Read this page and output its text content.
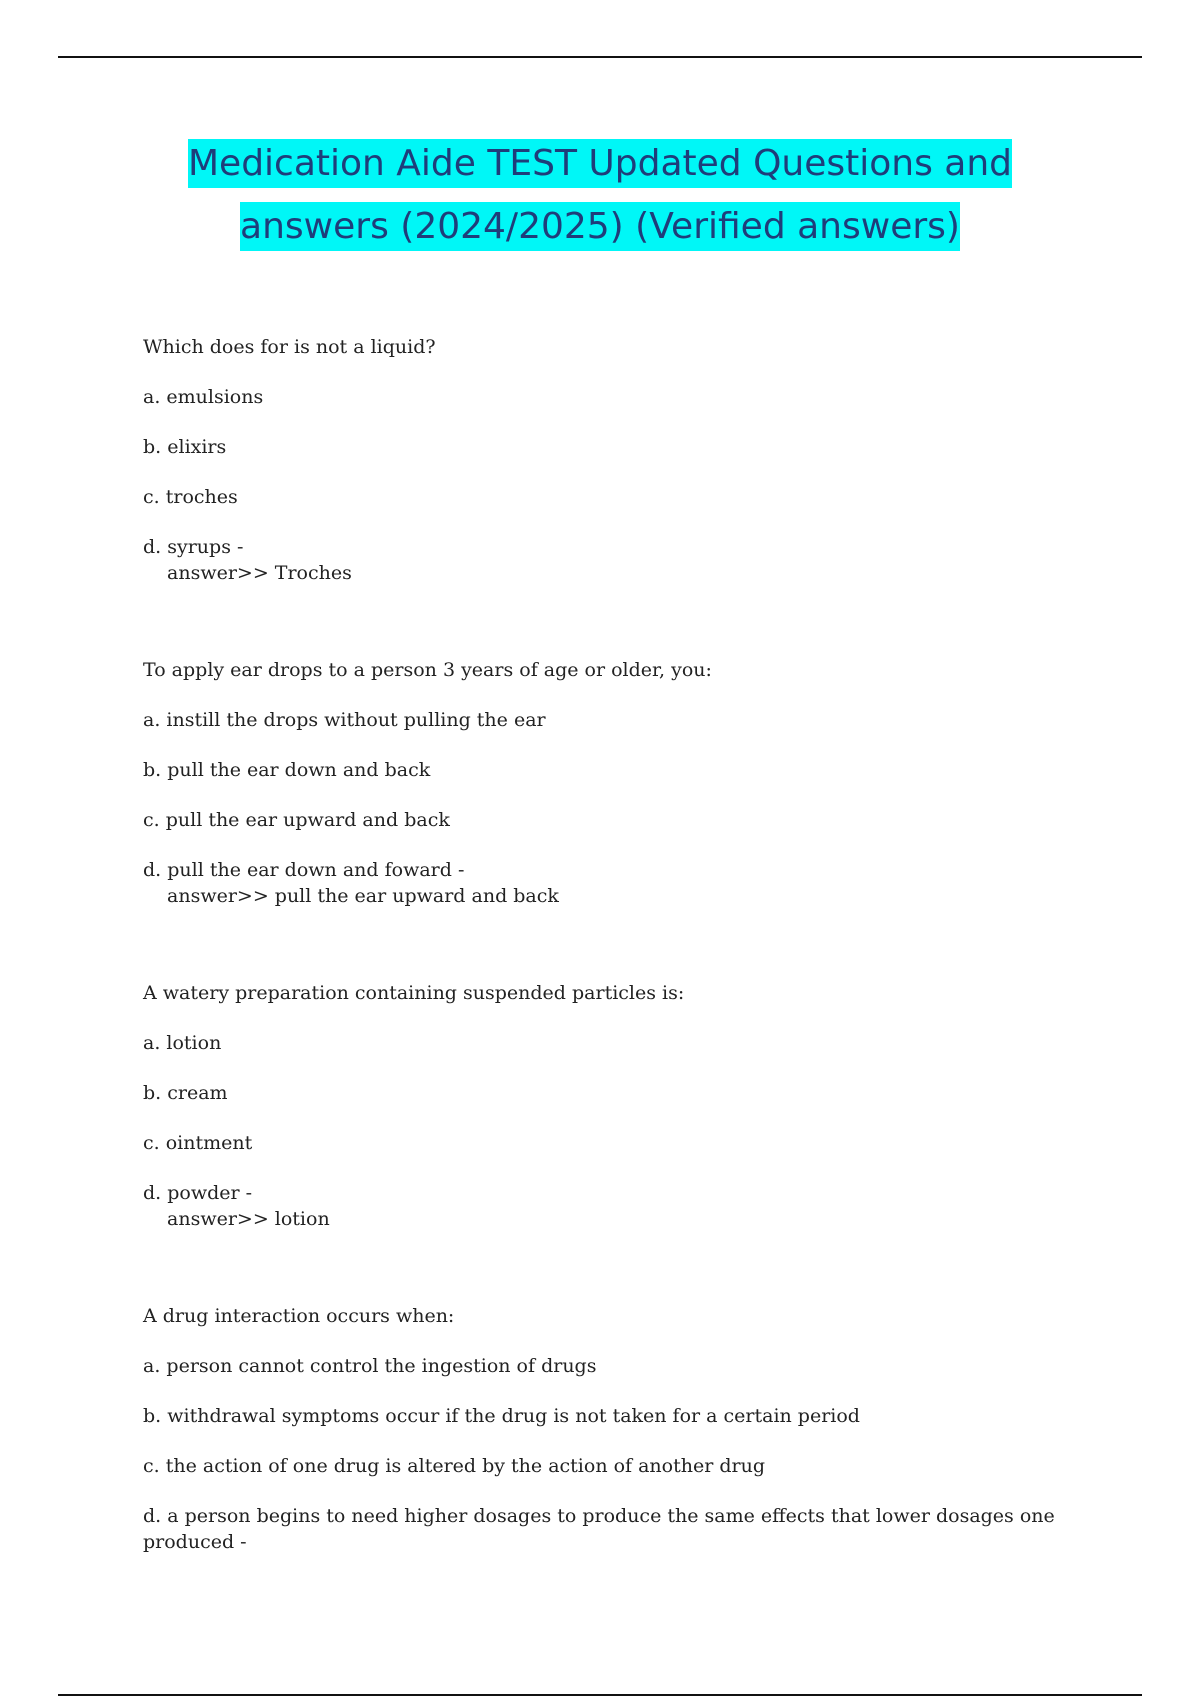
Medication Aide TEST Updated Questions and
answers (2024/2025) (Verified answers)

Which does for is not a liquid?

a. emulsions

b. elixirs

c. troches

d. syrups -

answer>> Troches

To apply ear drops to a person 3 years of age or older, you:

a. instill the drops without pulling the ear

b. pull the ear down and back

c. pull the ear upward and back

d. pull the ear down and foward -

answer>> pull the ear upward and back

A watery preparation containing suspended particles is:

a. lotion

b. cream

c. ointment

d. powder -

answer>> lotion

A drug interaction occurs when:

a. person cannot control the ingestion of drugs

b. withdrawal symptoms occur if the drug is not taken for a certain period

c. the action of one drug is altered by the action of another drug

d. a person begins to need higher dosages to produce the same effects that lower dosages one produced -
